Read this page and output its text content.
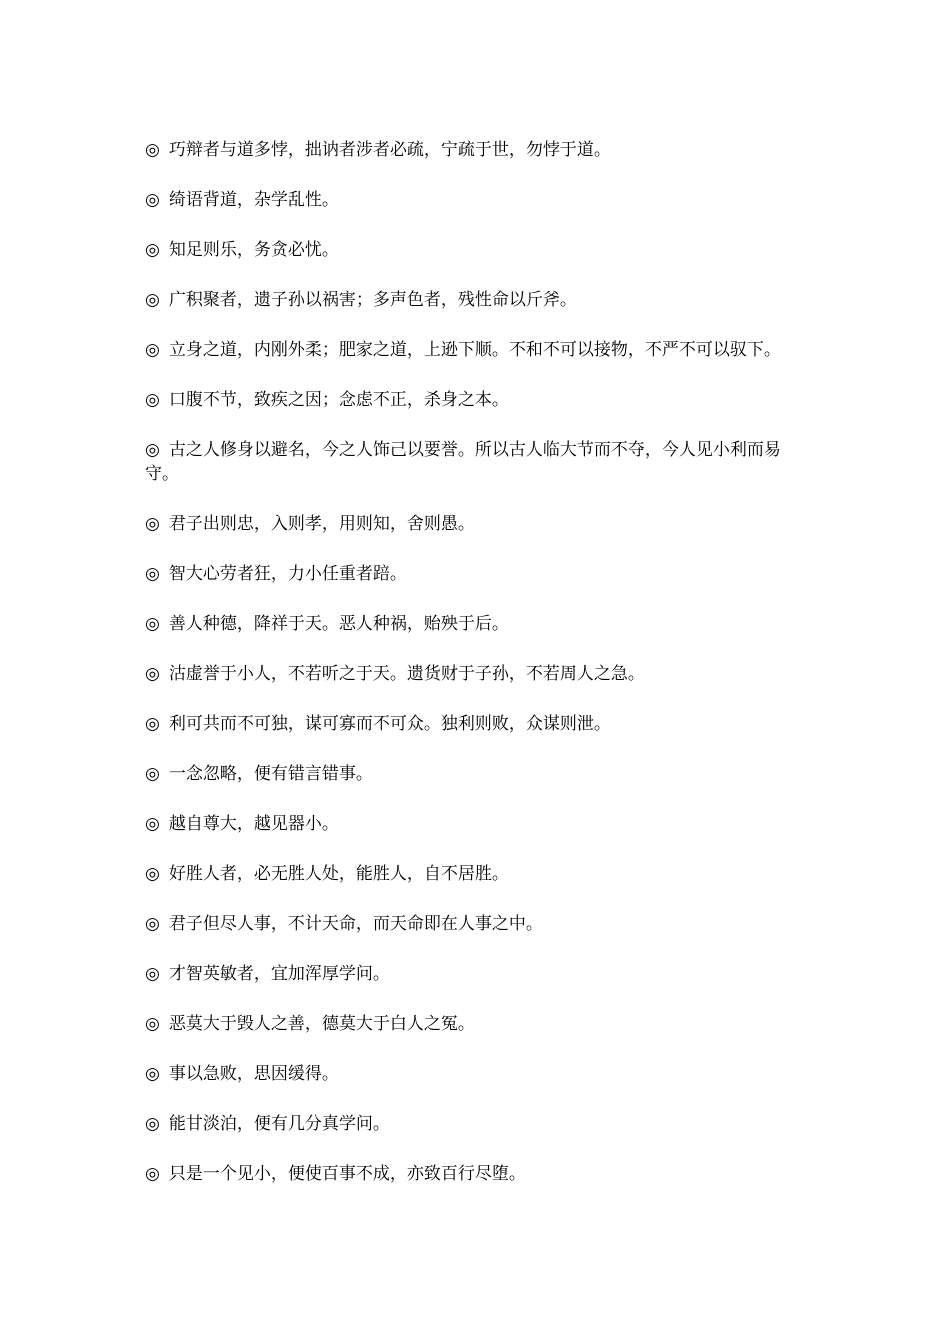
◎ 巧辩者与道多悖，拙讷者涉者必疏，宁疏于世，勿悖于道。

◎ 绮语背道，杂学乱性。

◎ 知足则乐，务贪必忧。

◎ 广积聚者，遗子孙以祸害；多声色者，残性命以斤斧。

◎ 立身之道，内刚外柔；肥家之道，上逊下顺。不和不可以接物，不严不可以驭下。

◎ 口腹不节，致疾之因；念虑不正，杀身之本。

◎ 古之人修身以避名，今之人饰己以要誉。所以古人临大节而不夺，今人见小利而易守。

◎ 君子出则忠，入则孝，用则知，舍则愚。

◎ 智大心劳者狂，力小任重者踣。

◎ 善人种德，降祥于天。恶人种祸，贻殃于后。

◎ 沽虚誉于小人，不若听之于天。遗货财于子孙，不若周人之急。

◎ 利可共而不可独，谋可寡而不可众。独利则败，众谋则泄。

◎ 一念忽略，便有错言错事。

◎ 越自尊大，越见器小。

◎ 好胜人者，必无胜人处，能胜人，自不居胜。

◎ 君子但尽人事，不计天命，而天命即在人事之中。

◎ 才智英敏者，宜加浑厚学问。

◎ 恶莫大于毁人之善，德莫大于白人之冤。

◎ 事以急败，思因缓得。

◎ 能甘淡泊，便有几分真学问。

◎ 只是一个见小，便使百事不成，亦致百行尽堕。
